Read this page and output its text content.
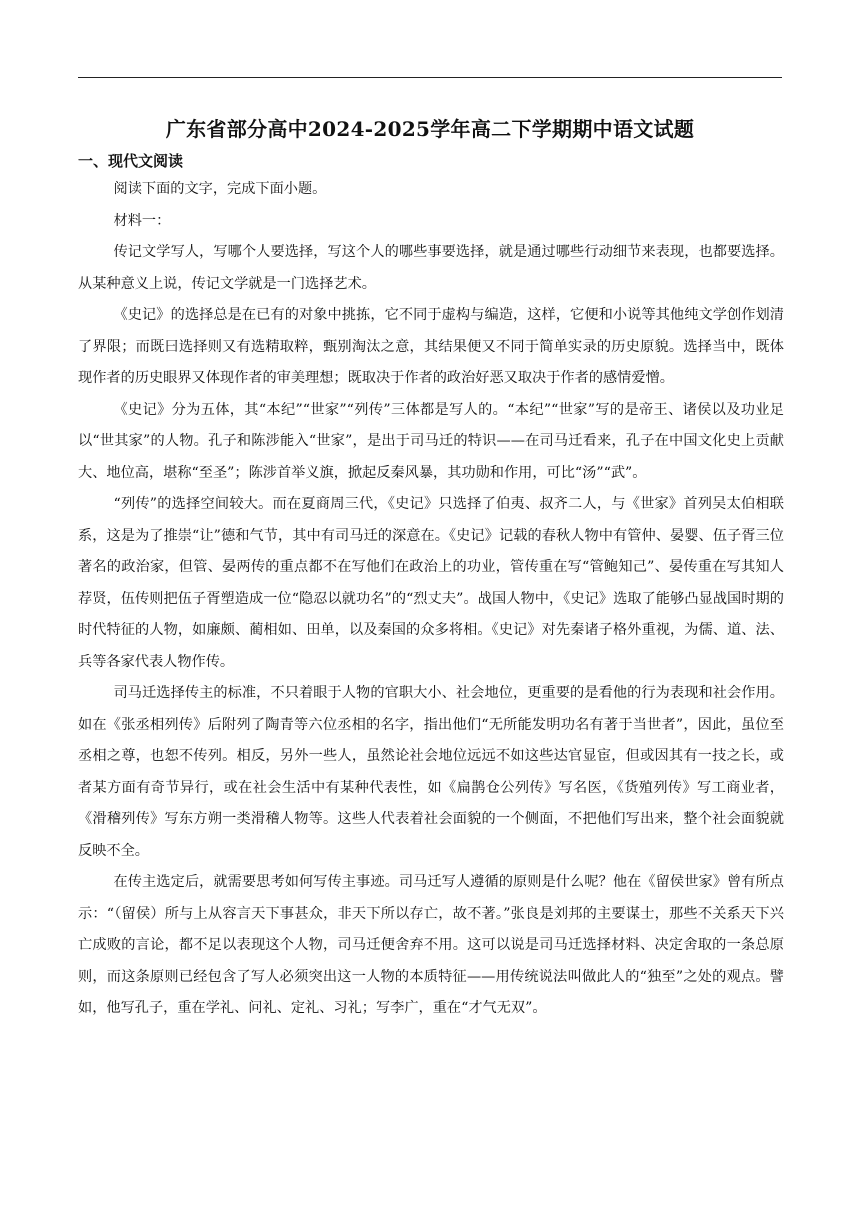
广东省部分高中2024-2025学年高二下学期期中语文试题
一、现代文阅读

阅读下面的文字，完成下面小题。

材料一：

传记文学写人，写哪个人要选择，写这个人的哪些事要选择，就是通过哪些行动细节来表现，也都要选择。从某种意义上说，传记文学就是一门选择艺术。

《史记》的选择总是在已有的对象中挑拣，它不同于虚构与编造，这样，它便和小说等其他纯文学创作划清了界限；而既曰选择则又有选精取粹，甄别淘汰之意，其结果便又不同于简单实录的历史原貌。选择当中，既体现作者的历史眼界又体现作者的审美理想；既取决于作者的政治好恶又取决于作者的感情爱憎。

《史记》分为五体，其“本纪”“世家”“列传”三体都是写人的。“本纪”“世家”写的是帝王、诸侯以及功业足以“世其家”的人物。孔子和陈涉能入“世家”，是出于司马迁的特识——在司马迁看来，孔子在中国文化史上贡献大、地位高，堪称“至圣”；陈涉首举义旗，掀起反秦风暴，其功勋和作用，可比“汤”“武”。

“列传”的选择空间较大。而在夏商周三代，《史记》只选择了伯夷、叔齐二人，与《世家》首列吴太伯相联系，这是为了推崇“让”德和气节，其中有司马迁的深意在。《史记》记载的春秋人物中有管仲、晏婴、伍子胥三位著名的政治家，但管、晏两传的重点都不在写他们在政治上的功业，管传重在写“管鲍知己”、晏传重在写其知人荐贤，伍传则把伍子胥塑造成一位“隐忍以就功名”的“烈丈夫”。战国人物中，《史记》选取了能够凸显战国时期的时代特征的人物，如廉颇、蔺相如、田单，以及秦国的众多将相。《史记》对先秦诸子格外重视，为儒、道、法、兵等各家代表人物作传。

司马迁选择传主的标准，不只着眼于人物的官职大小、社会地位，更重要的是看他的行为表现和社会作用。如在《张丞相列传》后附列了陶青等六位丞相的名字，指出他们“无所能发明功名有著于当世者”，因此，虽位至丞相之尊，也恕不传列。相反，另外一些人，虽然论社会地位远远不如这些达官显宦，但或因其有一技之长，或者某方面有奇节异行，或在社会生活中有某种代表性，如《扁鹊仓公列传》写名医，《货殖列传》写工商业者，《滑稽列传》写东方朔一类滑稽人物等。这些人代表着社会面貌的一个侧面，不把他们写出来，整个社会面貌就反映不全。

在传主选定后，就需要思考如何写传主事迹。司马迁写人遵循的原则是什么呢？他在《留侯世家》曾有所点示：“（留侯）所与上从容言天下事甚众，非天下所以存亡，故不著。”张良是刘邦的主要谋士，那些不关系天下兴亡成败的言论，都不足以表现这个人物，司马迁便舍弃不用。这可以说是司马迁选择材料、决定舍取的一条总原则，而这条原则已经包含了写人必须突出这一人物的本质特征——用传统说法叫做此人的“独至”之处的观点。譬如，他写孔子，重在学礼、问礼、定礼、习礼；写李广，重在“才气无双”。
